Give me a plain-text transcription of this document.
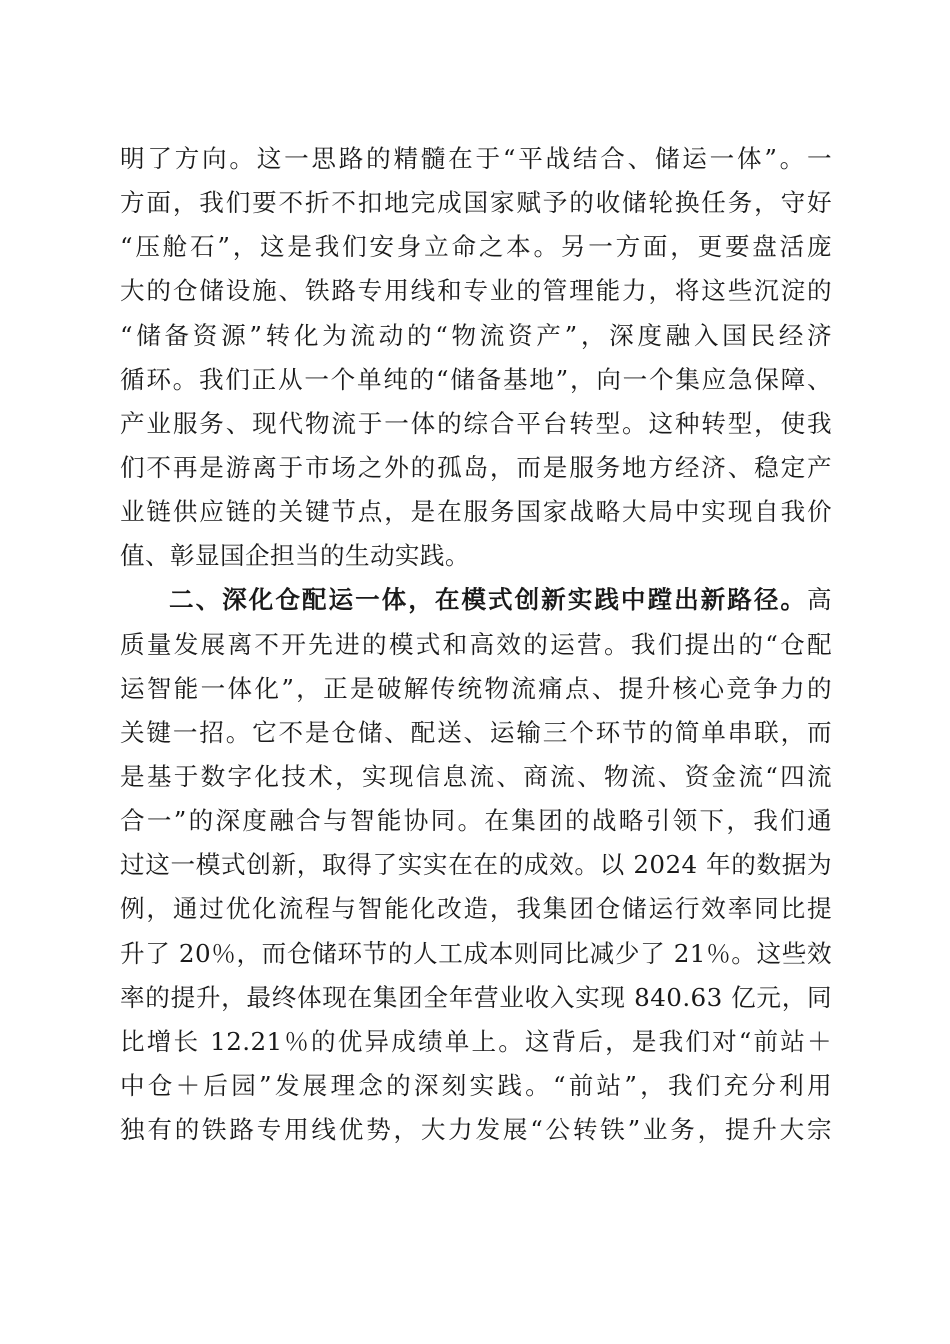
明了方向。这一思路的精髓在于“平战结合、储运一体”。一
方面，我们要不折不扣地完成国家赋予的收储轮换任务，守好
“压舱石”，这是我们安身立命之本。另一方面，更要盘活庞
大的仓储设施、铁路专用线和专业的管理能力，将这些沉淀的
“储备资源”转化为流动的“物流资产”，深度融入国民经济
循环。我们正从一个单纯的“储备基地”，向一个集应急保障、
产业服务、现代物流于一体的综合平台转型。这种转型，使我
们不再是游离于市场之外的孤岛，而是服务地方经济、稳定产
业链供应链的关键节点，是在服务国家战略大局中实现自我价
值、彰显国企担当的生动实践。
二、深化仓配运一体，在模式创新实践中蹚出新路径。高
质量发展离不开先进的模式和高效的运营。我们提出的“仓配
运智能一体化”，正是破解传统物流痛点、提升核心竞争力的
关键一招。它不是仓储、配送、运输三个环节的简单串联，而
是基于数字化技术，实现信息流、商流、物流、资金流“四流
合一”的深度融合与智能协同。在集团的战略引领下，我们通
过这一模式创新，取得了实实在在的成效。以 2024 年的数据为
例，通过优化流程与智能化改造，我集团仓储运行效率同比提
升了 20％，而仓储环节的人工成本则同比减少了 21％。这些效
率的提升，最终体现在集团全年营业收入实现 840.63 亿元，同
比增长 12.21％的优异成绩单上。这背后，是我们对“前站＋
中仓＋后园”发展理念的深刻实践。“前站”，我们充分利用
独有的铁路专用线优势，大力发展“公转铁”业务，提升大宗
